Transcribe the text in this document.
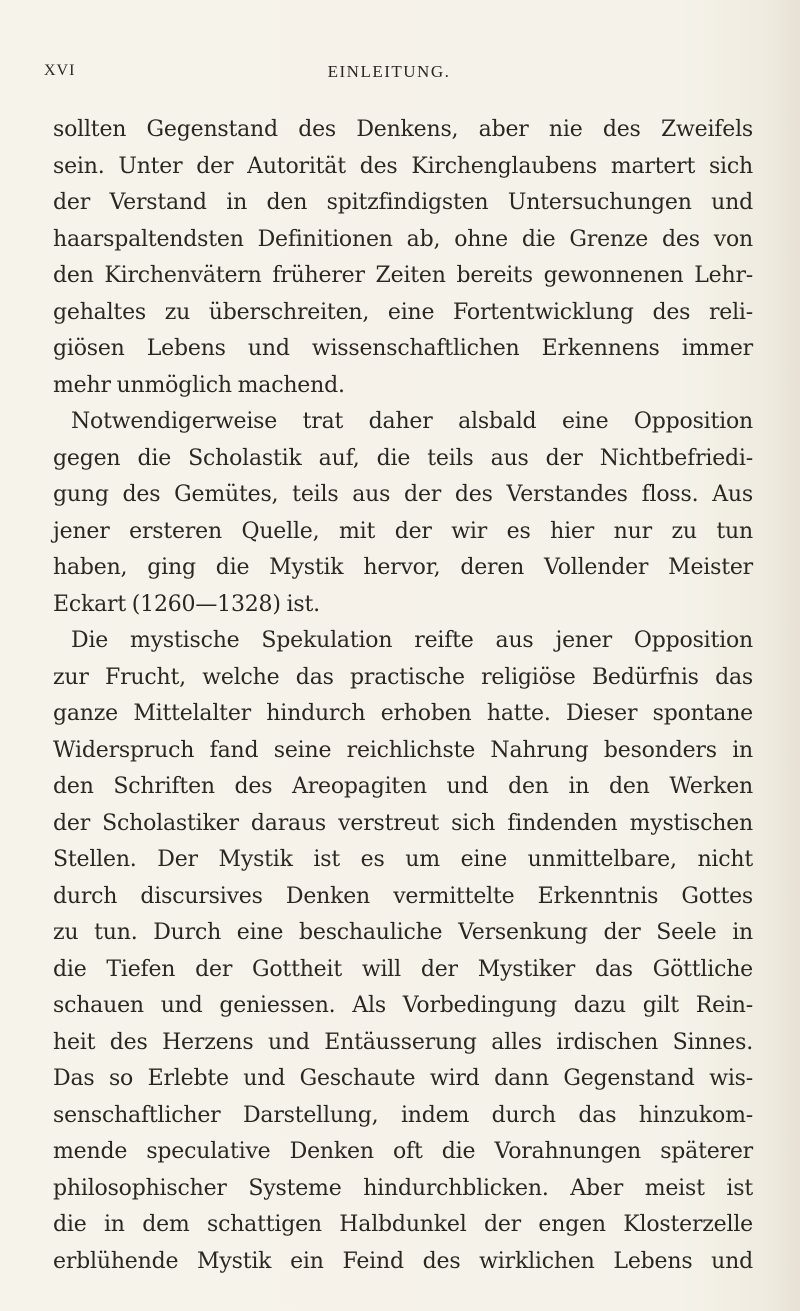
XVI	EINLEITUNG.
sollten Gegenstand des Denkens, aber nie des Zweifels
sein. Unter der Autorität des Kirchenglaubens martert sich
der Verstand in den spitzfindigsten Untersuchungen und
haarspaltendsten Definitionen ab, ohne die Grenze des von
den Kirchenvätern früherer Zeiten bereits gewonnenen Lehr-
gehaltes zu überschreiten, eine Fortentwicklung des reli-
giösen Lebens und wissenschaftlichen Erkennens immer
mehr unmöglich machend.
Notwendigerweise trat daher alsbald eine Opposition
gegen die Scholastik auf, die teils aus der Nichtbefriedi-
gung des Gemütes, teils aus der des Verstandes floss. Aus
jener ersteren Quelle, mit der wir es hier nur zu tun
haben, ging die Mystik hervor, deren Vollender Meister
Eckart (1260—1328) ist.
Die mystische Spekulation reifte aus jener Opposition
zur Frucht, welche das practische religiöse Bedürfnis das
ganze Mittelalter hindurch erhoben hatte. Dieser spontane
Widerspruch fand seine reichlichste Nahrung besonders in
den Schriften des Areopagiten und den in den Werken
der Scholastiker daraus verstreut sich findenden mystischen
Stellen. Der Mystik ist es um eine unmittelbare, nicht
durch discursives Denken vermittelte Erkenntnis Gottes
zu tun. Durch eine beschauliche Versenkung der Seele in
die Tiefen der Gottheit will der Mystiker das Göttliche
schauen und geniessen. Als Vorbedingung dazu gilt Rein-
heit des Herzens und Entäusserung alles irdischen Sinnes.
Das so Erlebte und Geschaute wird dann Gegenstand wis-
senschaftlicher Darstellung, indem durch das hinzukom-
mende speculative Denken oft die Vorahnungen späterer
philosophischer Systeme hindurchblicken. Aber meist ist
die in dem schattigen Halbdunkel der engen Klosterzelle
erblühende Mystik ein Feind des wirklichen Lebens und
